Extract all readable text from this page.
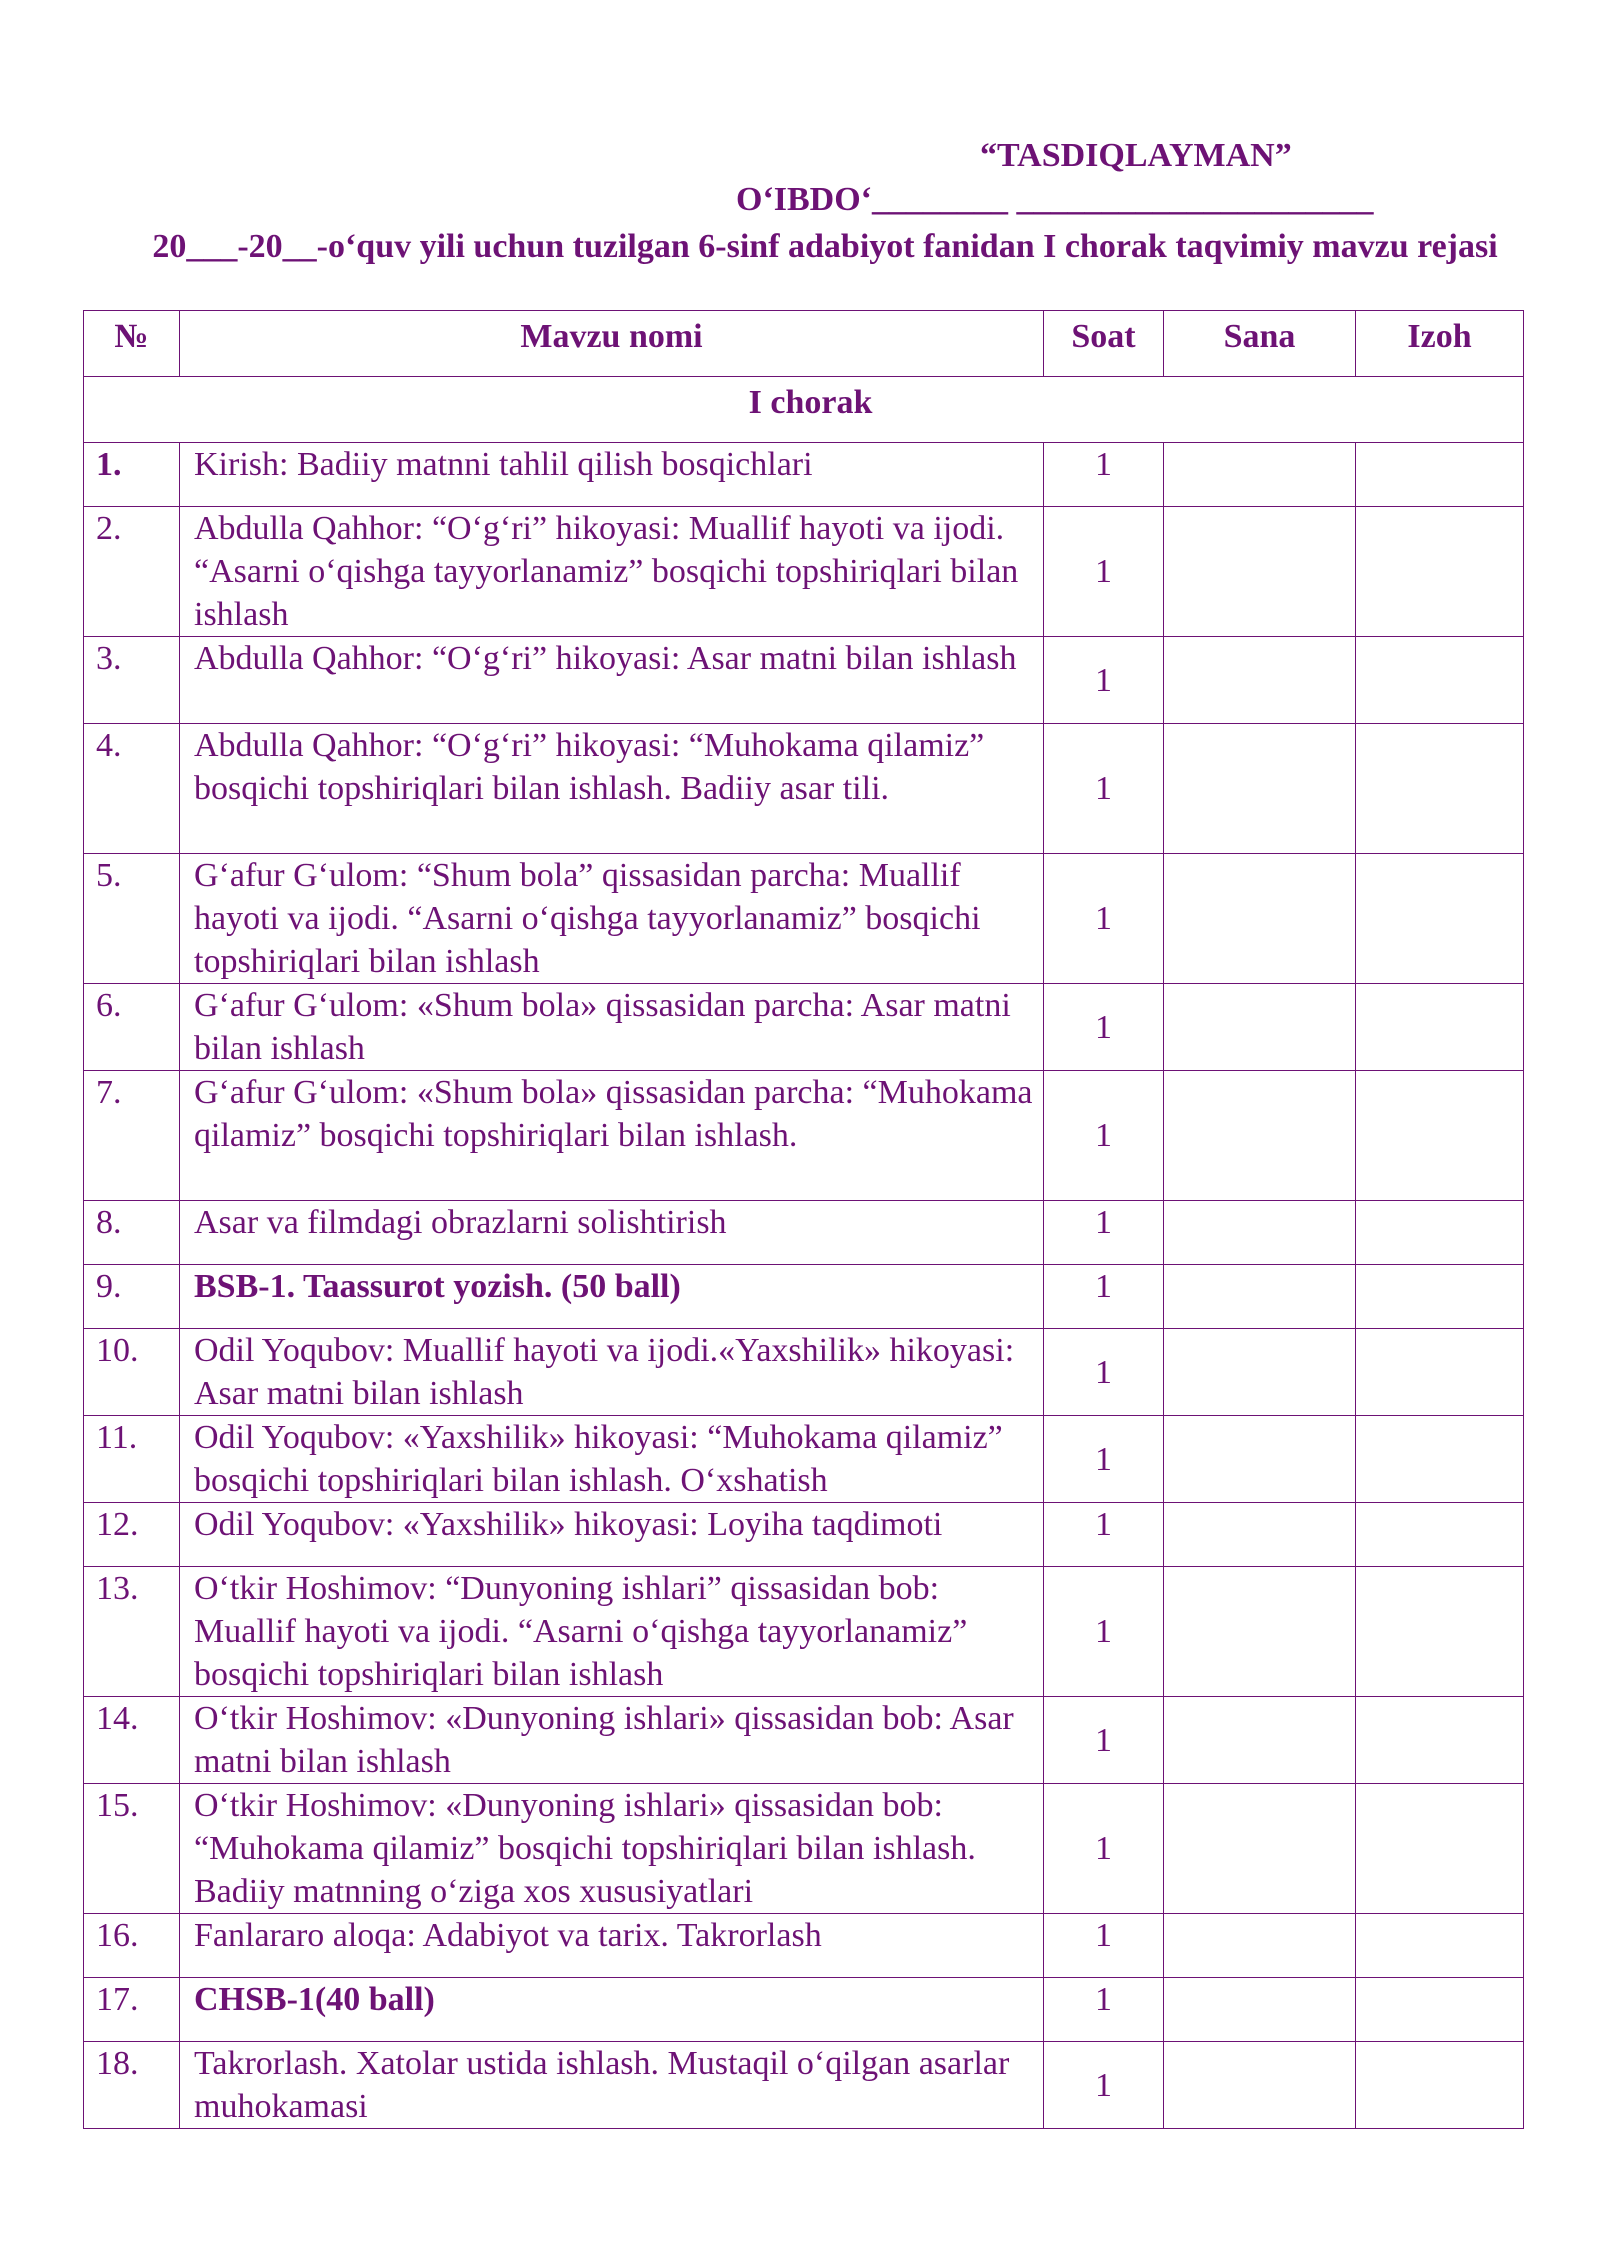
“TASDIQLAYMAN”
O‘IBDO‘________ _____________________
20___-20__-o‘quv yili uchun tuzilgan 6-sinf adabiyot fanidan I chorak taqvimiy mavzu rejasi
№	Mavzu nomi	Soat	Sana	Izoh
I chorak				
1.	Kirish: Badiiy matnni tahlil qilish bosqichlari	1		
2.	Abdulla Qahhor: “O‘g‘ri” hikoyasi: Muallif hayoti va ijodi. “Asarni o‘qishga tayyorlanamiz” bosqichi topshiriqlari bilan ishlash	1		
3.	Abdulla Qahhor: “O‘g‘ri” hikoyasi: Asar matni bilan ishlash	1		
4.	Abdulla Qahhor: “O‘g‘ri” hikoyasi: “Muhokama qilamiz” bosqichi topshiriqlari bilan ishlash. Badiiy asar tili.	1		
5.	G‘afur G‘ulom: “Shum bola” qissasidan parcha: Muallif hayoti va ijodi. “Asarni o‘qishga tayyorlanamiz” bosqichi topshiriqlari bilan ishlash	1		
6.	G‘afur G‘ulom: «Shum bola» qissasidan parcha: Asar matni bilan ishlash	1		
7.	G‘afur G‘ulom: «Shum bola» qissasidan parcha: “Muhokama qilamiz” bosqichi topshiriqlari bilan ishlash.	1		
8.	Asar va filmdagi obrazlarni solishtirish	1		
9.	BSB-1. Taassurot yozish. (50 ball)	1		
10.	Odil Yoqubov: Muallif hayoti va ijodi.«Yaxshilik» hikoyasi: Asar matni bilan ishlash	1		
11.	Odil Yoqubov: «Yaxshilik» hikoyasi: “Muhokama qilamiz” bosqichi topshiriqlari bilan ishlash. O‘xshatish	1		
12.	Odil Yoqubov: «Yaxshilik» hikoyasi: Loyiha taqdimoti	1		
13.	O‘tkir Hoshimov: “Dunyoning ishlari” qissasidan bob: Muallif hayoti va ijodi. “Asarni o‘qishga tayyorlanamiz” bosqichi topshiriqlari bilan ishlash	1		
14.	O‘tkir Hoshimov: «Dunyoning ishlari» qissasidan bob: Asar matni bilan ishlash	1		
15.	O‘tkir Hoshimov: «Dunyoning ishlari» qissasidan bob: “Muhokama qilamiz” bosqichi topshiriqlari bilan ishlash. Badiiy matnning o‘ziga xos xususiyatlari	1		
16.	Fanlararo aloqa: Adabiyot va tarix. Takrorlash	1		
17.	CHSB-1(40 ball)	1		
18.	Takrorlash. Xatolar ustida ishlash. Mustaqil o‘qilgan asarlar muhokamasi	1		
